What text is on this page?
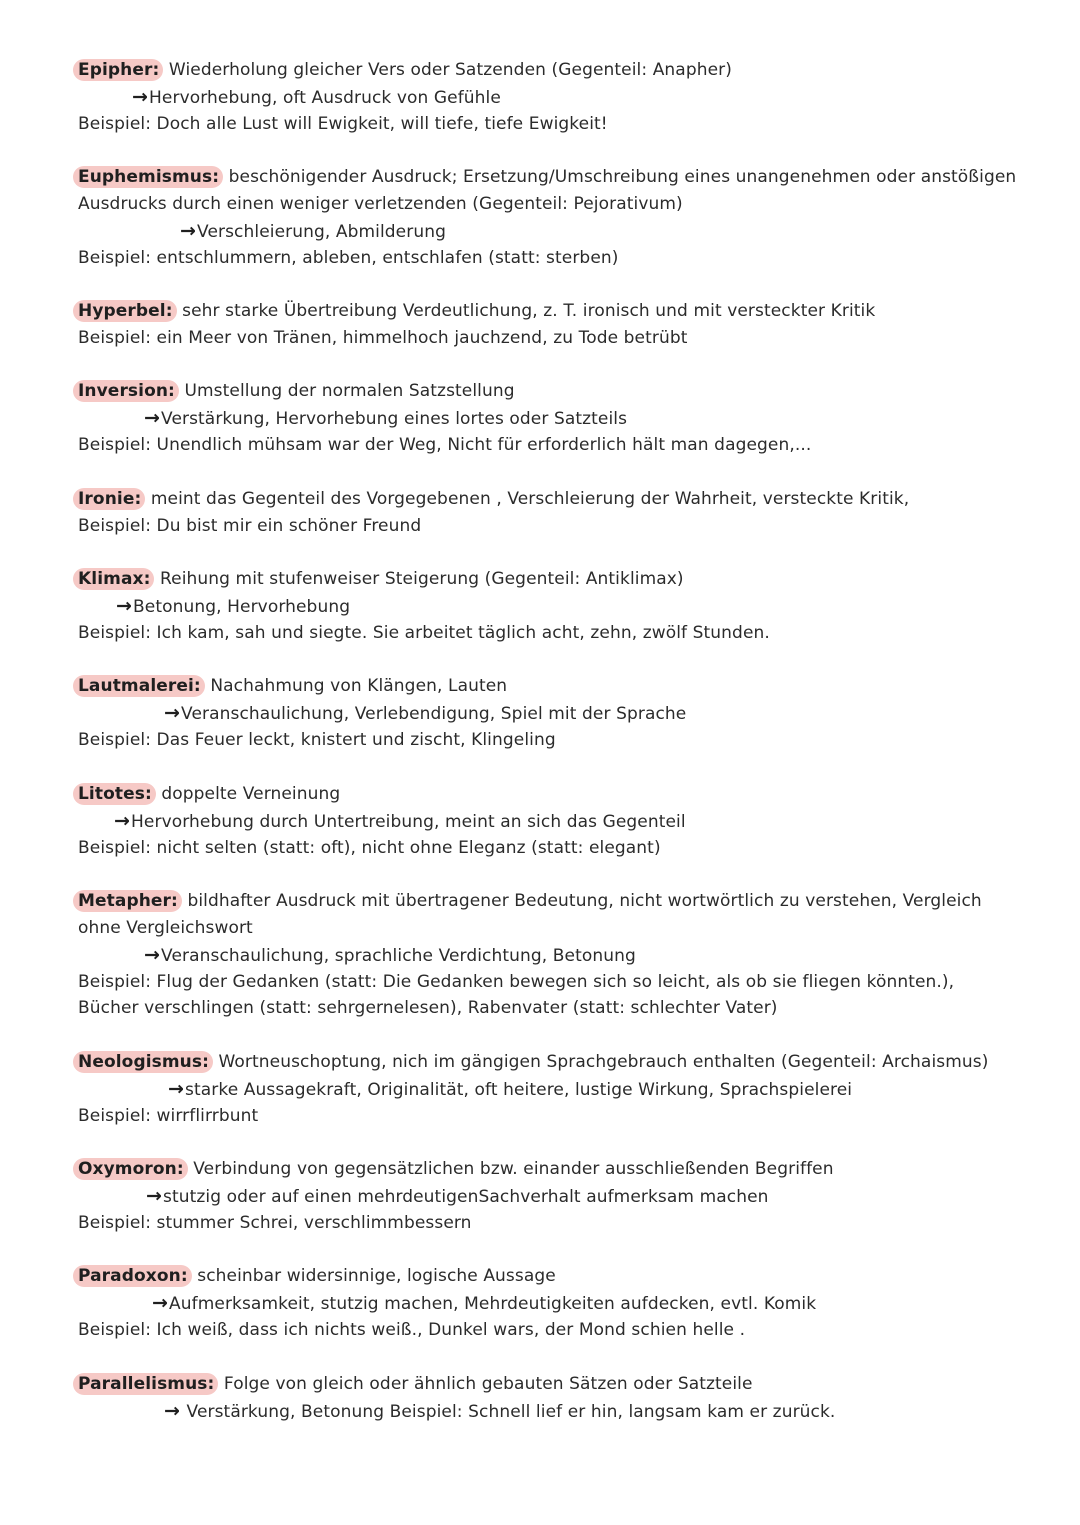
Epipher: Wiederholung gleicher Vers oder Satzenden (Gegenteil: Anapher)
→Hervorhebung, oft Ausdruck von Gefühle
Beispiel: Doch alle Lust will Ewigkeit, will tiefe, tiefe Ewigkeit!
Euphemismus: beschönigender Ausdruck; Ersetzung/Umschreibung eines unangenehmen oder anstößigen
Ausdrucks durch einen weniger verletzenden (Gegenteil: Pejorativum)
→Verschleierung, Abmilderung
Beispiel: entschlummern, ableben, entschlafen (statt: sterben)
Hyperbel: sehr starke Übertreibung Verdeutlichung, z. T. ironisch und mit versteckter Kritik
Beispiel: ein Meer von Tränen, himmelhoch jauchzend, zu Tode betrübt
Inversion: Umstellung der normalen Satzstellung
→Verstärkung, Hervorhebung eines lortes oder Satzteils
Beispiel: Unendlich mühsam war der Weg, Nicht für erforderlich hält man dagegen,...
Ironie: meint das Gegenteil des Vorgegebenen , Verschleierung der Wahrheit, versteckte Kritik,
Beispiel: Du bist mir ein schöner Freund
Klimax: Reihung mit stufenweiser Steigerung (Gegenteil: Antiklimax)
→Betonung, Hervorhebung
Beispiel: Ich kam, sah und siegte. Sie arbeitet täglich acht, zehn, zwölf Stunden.
Lautmalerei: Nachahmung von Klängen, Lauten
→Veranschaulichung, Verlebendigung, Spiel mit der Sprache
Beispiel: Das Feuer leckt, knistert und zischt, Klingeling
Litotes: doppelte Verneinung
→Hervorhebung durch Untertreibung, meint an sich das Gegenteil
Beispiel: nicht selten (statt: oft), nicht ohne Eleganz (statt: elegant)
Metapher: bildhafter Ausdruck mit übertragener Bedeutung, nicht wortwörtlich zu verstehen, Vergleich
ohne Vergleichswort
→Veranschaulichung, sprachliche Verdichtung, Betonung
Beispiel: Flug der Gedanken (statt: Die Gedanken bewegen sich so leicht, als ob sie fliegen könnten.),
Bücher verschlingen (statt: sehrgernelesen), Rabenvater (statt: schlechter Vater)
Neologismus: Wortneuschoptung, nich im gängigen Sprachgebrauch enthalten (Gegenteil: Archaismus)
→starke Aussagekraft, Originalität, oft heitere, lustige Wirkung, Sprachspielerei
Beispiel: wirrflirrbunt
Oxymoron: Verbindung von gegensätzlichen bzw. einander ausschließenden Begriffen
→stutzig oder auf einen mehrdeutigenSachverhalt aufmerksam machen
Beispiel: stummer Schrei, verschlimmbessern
Paradoxon: scheinbar widersinnige, logische Aussage
→Aufmerksamkeit, stutzig machen, Mehrdeutigkeiten aufdecken, evtl. Komik
Beispiel: Ich weiß, dass ich nichts weiß., Dunkel wars, der Mond schien helle .
Parallelismus: Folge von gleich oder ähnlich gebauten Sätzen oder Satzteile
→ Verstärkung, Betonung Beispiel: Schnell lief er hin, langsam kam er zurück.
